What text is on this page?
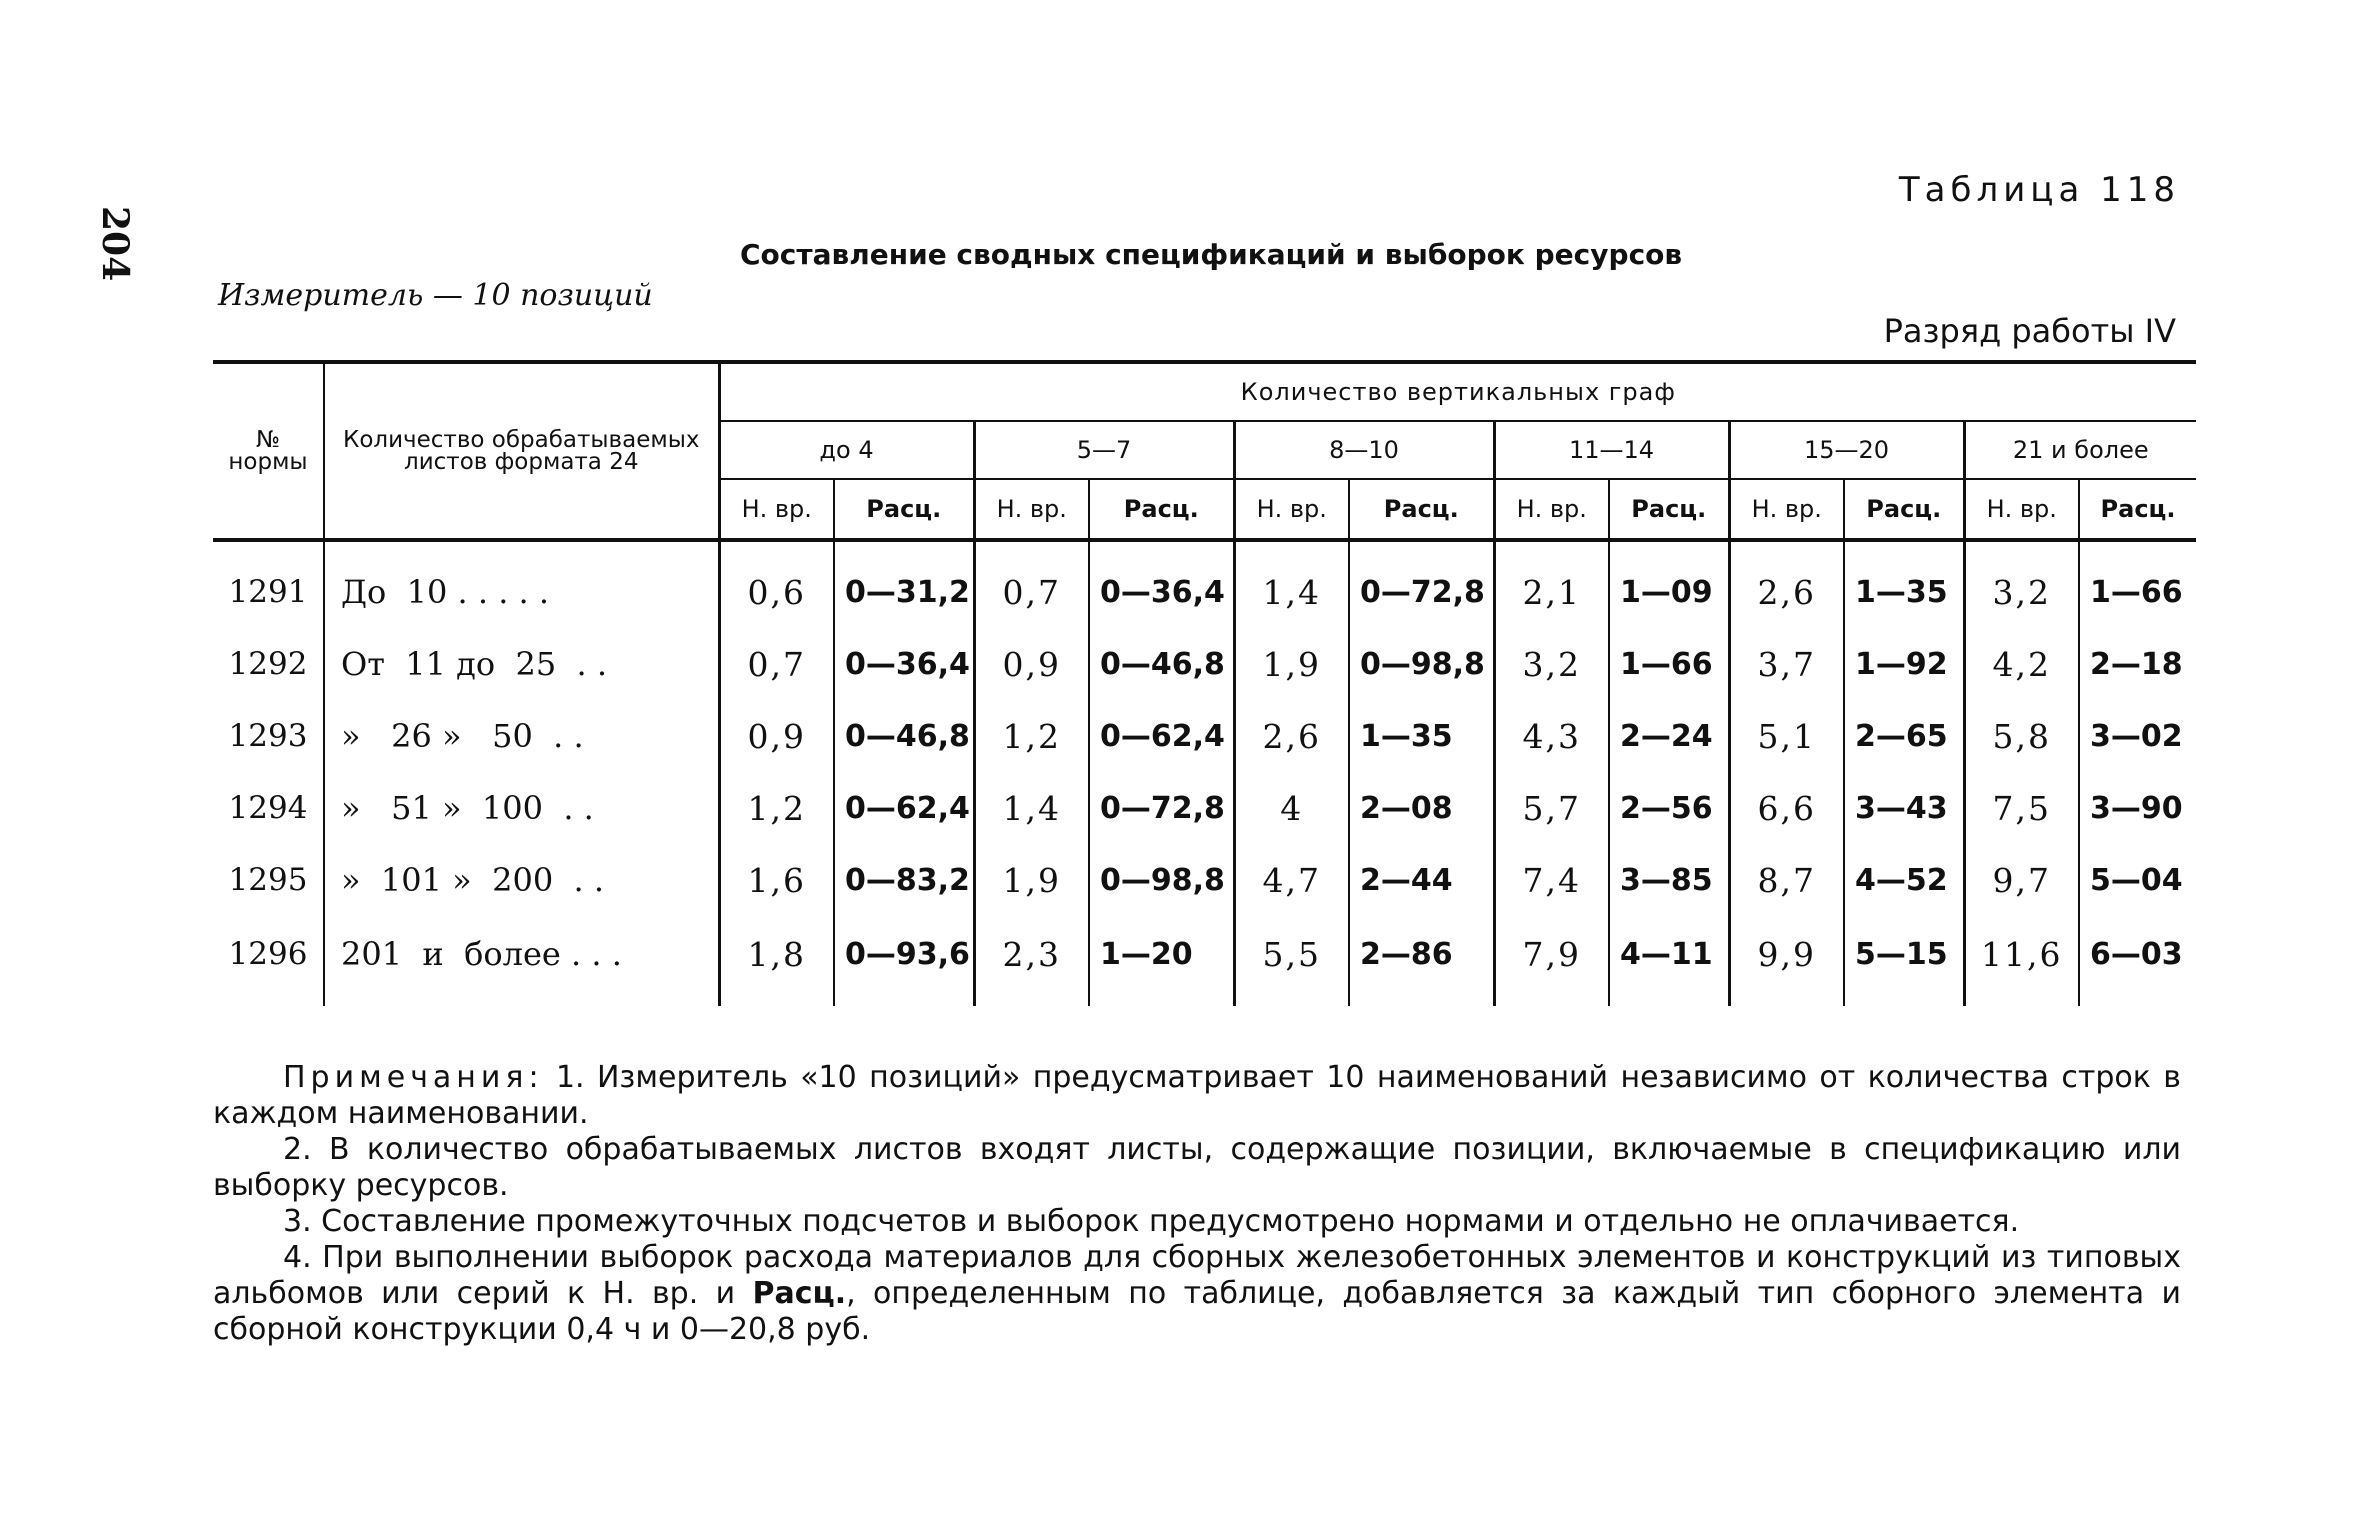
204
Таблица 118
Составление сводных спецификаций и выборок ресурсов
Измеритель — 10 позиций
Разряд работы IV
№ нормы	Количество обрабатываемых листов формата 24	Количество вертикальных граф											
		до 4		5—7		8—10		11—14		15—20		21 и более	
		Н. вр.	Расц.	Н. вр.	Расц.	Н. вр.	Расц.	Н. вр.	Расц.	Н. вр.	Расц.	Н. вр.	Расц.

1291	До  10 . . . . .	0,6	0—31,2	0,7	0—36,4	1,4	0—72,8	2,1	1—09	2,6	1—35	3,2	1—66
1292	От  11 до  25  . .	0,7	0—36,4	0,9	0—46,8	1,9	0—98,8	3,2	1—66	3,7	1—92	4,2	2—18
1293	»   26 »   50  . .	0,9	0—46,8	1,2	0—62,4	2,6	1—35	4,3	2—24	5,1	2—65	5,8	3—02
1294	»   51 »  100  . .	1,2	0—62,4	1,4	0—72,8	4	2—08	5,7	2—56	6,6	3—43	7,5	3—90
1295	»  101 »  200  . .	1,6	0—83,2	1,9	0—98,8	4,7	2—44	7,4	3—85	8,7	4—52	9,7	5—04
1296	201  и  более . . .	1,8	0—93,6	2,3	1—20	5,5	2—86	7,9	4—11	9,9	5—15	11,6	6—03

Примечания: 1. Измеритель «10 позиций» предусматривает 10 наименований независимо от количества строк в каждом наименовании.

2. В количество обрабатываемых листов входят листы, содержащие позиции, включаемые в спецификацию или выборку ресурсов.

3. Составление промежуточных подсчетов и выборок предусмотрено нормами и отдельно не оплачивается.

4. При выполнении выборок расхода материалов для сборных железобетонных элементов и конструкций из типовых альбомов или серий к Н. вр. и Расц., определенным по таблице, добавляется за каждый тип сборного элемента и сборной конструкции 0,4 ч и 0—20,8 руб.
